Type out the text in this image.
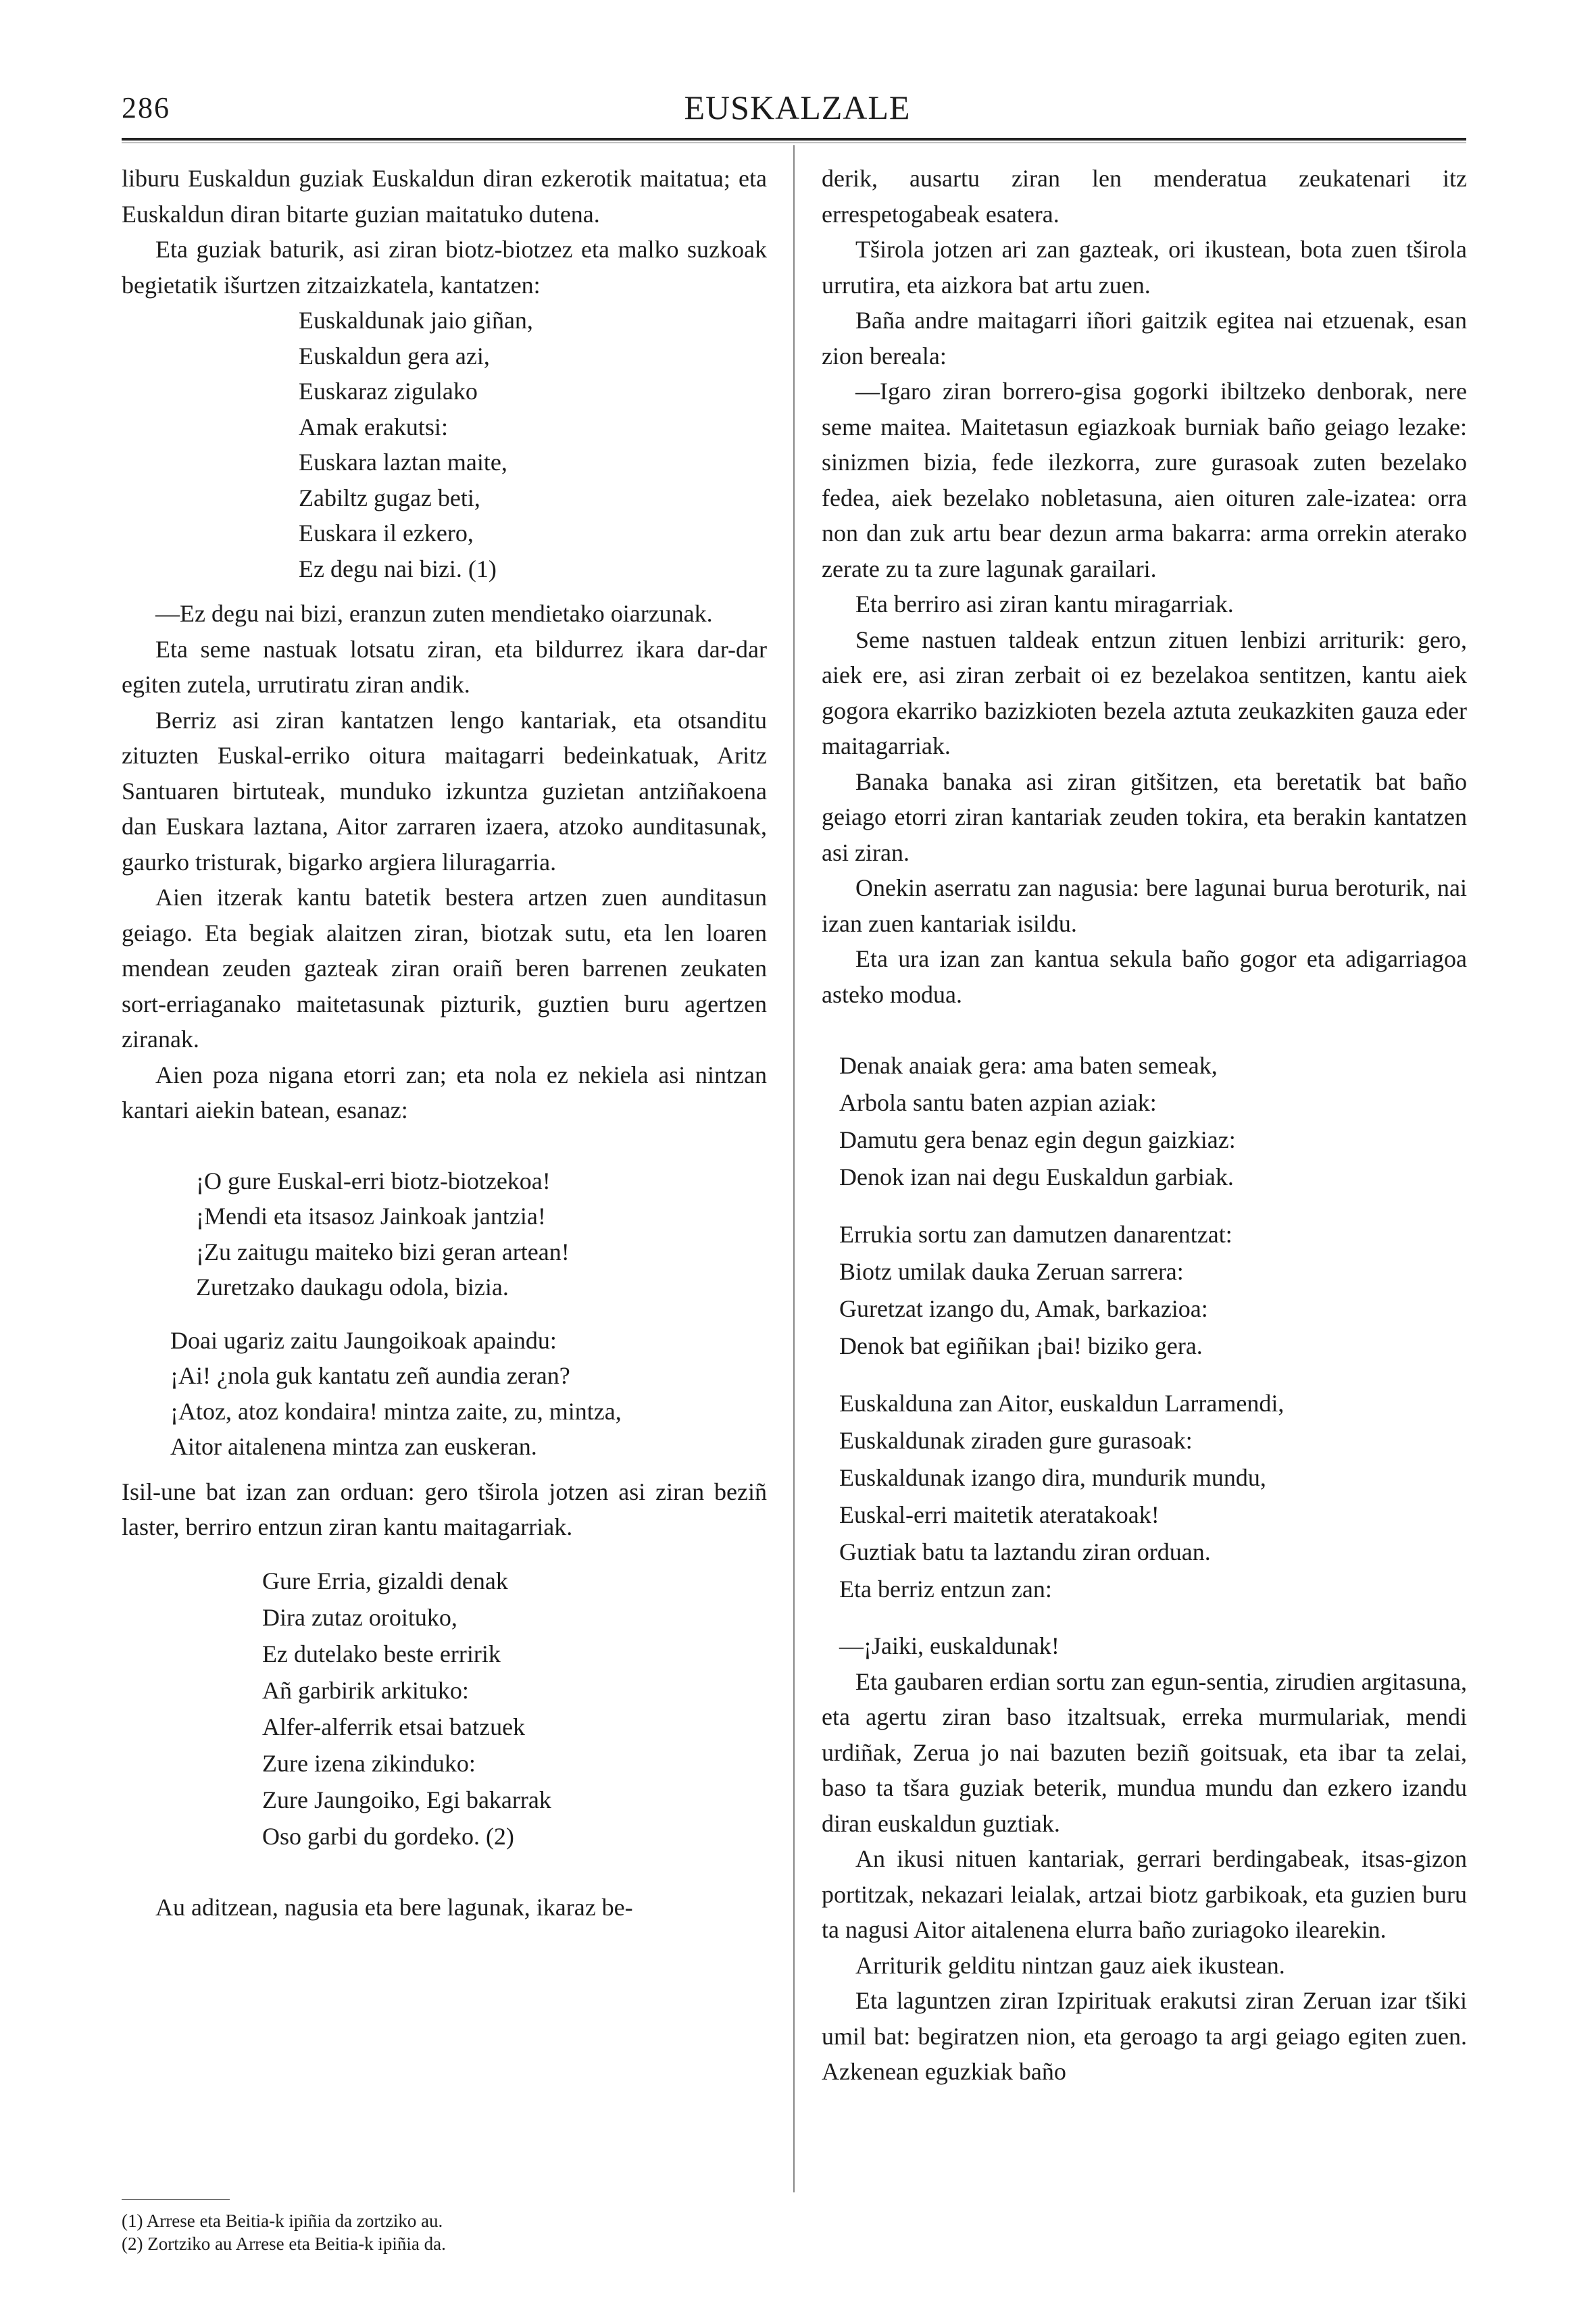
286	EUSKALZALE

liburu Euskaldun guziak Euskaldun diran ezkerotik maitatua; eta Euskaldun diran bitarte guzian maitatuko dutena.

Eta guziak baturik, asi ziran biotz-biotzez eta malko suzkoak begietatik išurtzen zitzaizkatela, kantatzen:

Euskaldunak jaio giñan,
Euskaldun gera azi,
Euskaraz zigulako
Amak erakutsi:
Euskara laztan maite,
Zabiltz gugaz beti,
Euskara il ezkero,
Ez degu nai bizi. (1)

—Ez degu nai bizi, eranzun zuten mendietako oiarzunak.

Eta seme nastuak lotsatu ziran, eta bildurrez ikara dar-dar egiten zutela, urrutiratu ziran andik.

Berriz asi ziran kantatzen lengo kantariak, eta otsanditu zituzten Euskal-erriko oitura maitagarri bedeinkatuak, Aritz Santuaren birtuteak, munduko izkuntza guzietan antziñakoena dan Euskara laztana, Aitor zarraren izaera, atzoko aunditasunak, gaurko tristurak, bigarko argiera liluragarria.

Aien itzerak kantu batetik bestera artzen zuen aunditasun geiago. Eta begiak alaitzen ziran, biotzak sutu, eta len loaren mendean zeuden gazteak ziran oraiñ beren barrenen zeukaten sort-erriaganako maitetasunak pizturik, guztien buru agertzen ziranak.

Aien poza nigana etorri zan; eta nola ez nekiela asi nintzan kantari aiekin batean, esanaz:

¡O gure Euskal-erri biotz-biotzekoa!
¡Mendi eta itsasoz Jainkoak jantzia!
¡Zu zaitugu maiteko bizi geran artean!
Zuretzako daukagu odola, bizia.
Doai ugariz zaitu Jaungoikoak apaindu:
¡Ai! ¿nola guk kantatu zeñ aundia zeran?
¡Atoz, atoz kondaira! mintza zaite, zu, mintza,
Aitor aitalenena mintza zan euskeran.

Isil-une bat izan zan orduan: gero tširola jotzen asi ziran beziñ laster, berriro entzun ziran kantu maitagarriak.

Gure Erria, gizaldi denak
Dira zutaz oroituko,
Ez dutelako beste erririk
Añ garbirik arkituko:
Alfer-alferrik etsai batzuek
Zure izena zikinduko:
Zure Jaungoiko, Egi bakarrak
Oso garbi du gordeko. (2)

Au aditzean, nagusia eta bere lagunak, ikaraz be-

(1) Arrese eta Beitia-k ipiñia da zortziko au.
(2) Zortziko au Arrese eta Beitia-k ipiñia da.

derik, ausartu ziran len menderatua zeukatenari itz errespetogabeak esatera.

Tširola jotzen ari zan gazteak, ori ikustean, bota zuen tširola urrutira, eta aizkora bat artu zuen.

Baña andre maitagarri iñori gaitzik egitea nai etzuenak, esan zion bereala:

—Igaro ziran borrero-gisa gogorki ibiltzeko denborak, nere seme maitea. Maitetasun egiazkoak burniak baño geiago lezake: sinizmen bizia, fede ilezkorra, zure gurasoak zuten bezelako fedea, aiek bezelako nobletasuna, aien oituren zale-izatea: orra non dan zuk artu bear dezun arma bakarra: arma orrekin aterako zerate zu ta zure lagunak garailari.

Eta berriro asi ziran kantu miragarriak.

Seme nastuen taldeak entzun zituen lenbizi arriturik: gero, aiek ere, asi ziran zerbait oi ez bezelakoa sentitzen, kantu aiek gogora ekarriko bazizkioten bezela aztuta zeukazkiten gauza eder maitagarriak.

Banaka banaka asi ziran gitšitzen, eta beretatik bat baño geiago etorri ziran kantariak zeuden tokira, eta berakin kantatzen asi ziran.

Onekin aserratu zan nagusia: bere lagunai burua beroturik, nai izan zuen kantariak isildu.

Eta ura izan zan kantua sekula baño gogor eta adigarriagoa asteko modua.

Denak anaiak gera: ama baten semeak,
Arbola santu baten azpian aziak:
Damutu gera benaz egin degun gaizkiaz:
Denok izan nai degu Euskaldun garbiak.
Errukia sortu zan damutzen danarentzat:
Biotz umilak dauka Zeruan sarrera:
Guretzat izango du, Amak, barkazioa:
Denok bat egiñikan ¡bai! biziko gera.
Euskalduna zan Aitor, euskaldun Larramendi,
Euskaldunak ziraden gure gurasoak:
Euskaldunak izango dira, mundurik mundu,
Euskal-erri maitetik ateratakoak!
Guztiak batu ta laztandu ziran orduan.
Eta berriz entzun zan:

—¡Jaiki, euskaldunak!

Eta gaubaren erdian sortu zan egun-sentia, zirudien argitasuna, eta agertu ziran baso itzaltsuak, erreka murmulariak, mendi urdiñak, Zerua jo nai bazuten beziñ goitsuak, eta ibar ta zelai, baso ta tšara guziak beterik, mundua mundu dan ezkero izandu diran euskaldun guztiak.

An ikusi nituen kantariak, gerrari berdingabeak, itsas-gizon portitzak, nekazari leialak, artzai biotz garbikoak, eta guzien buru ta nagusi Aitor aitalenena elurra baño zuriagoko ilearekin.

Arriturik gelditu nintzan gauz aiek ikustean.

Eta laguntzen ziran Izpirituak erakutsi ziran Zeruan izar tšiki umil bat: begiratzen nion, eta geroago ta argi geiago egiten zuen. Azkenean eguzkiak baño
